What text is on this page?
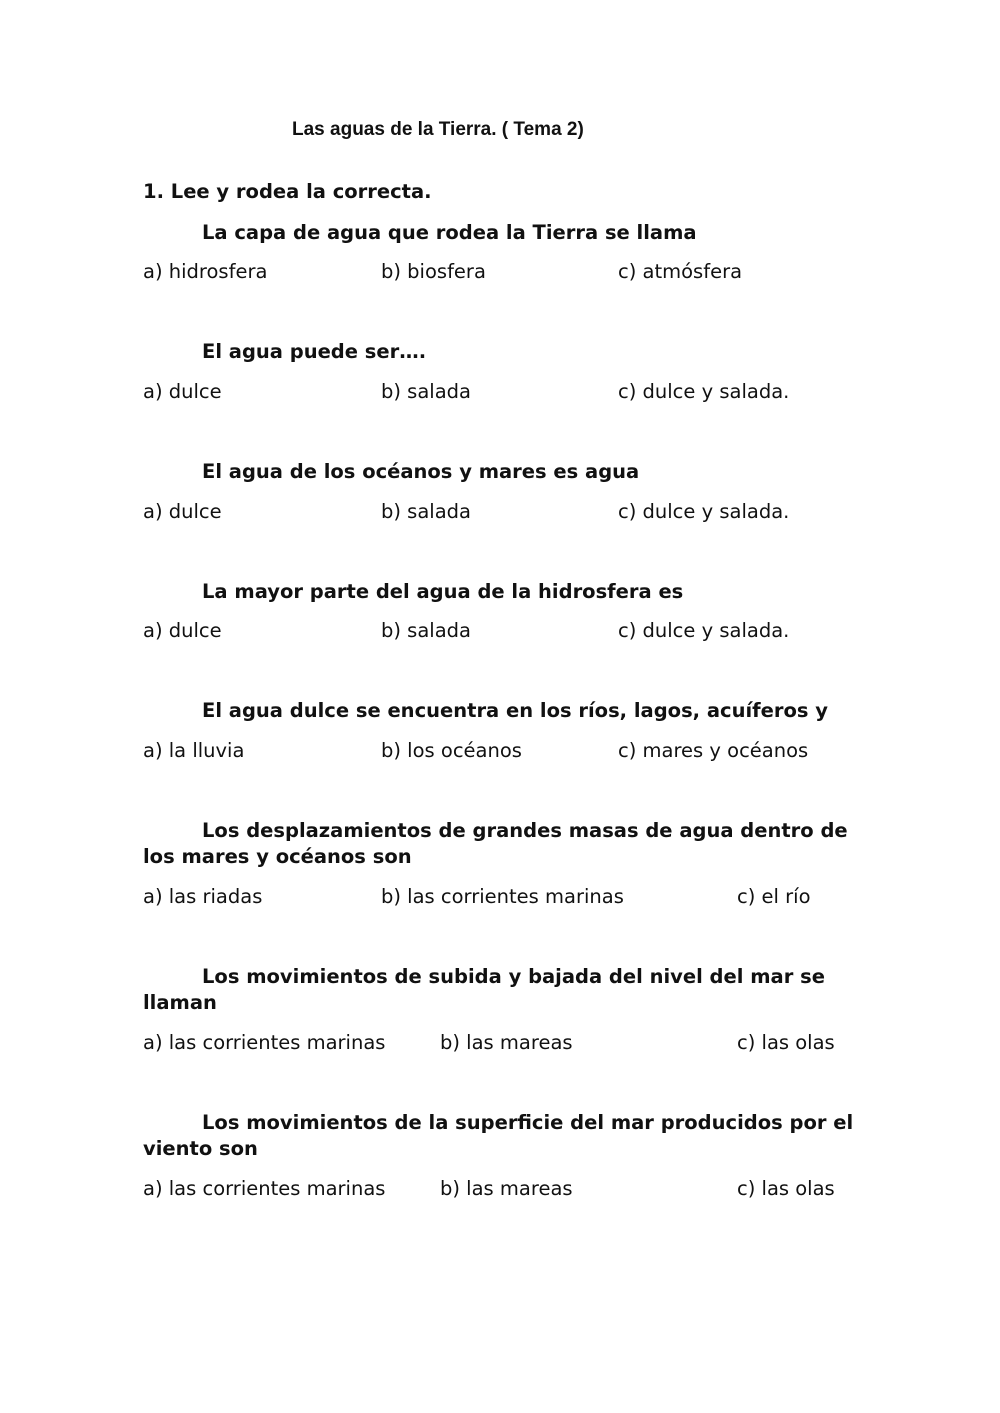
Las aguas de la Tierra. ( Tema 2)
1. Lee y rodea la correcta.
La capa de agua que rodea la Tierra se llama
a) hidrosfera	b) biosfera	c) atmósfera
El agua puede ser….
a) dulce	b) salada	c) dulce y salada.
El agua de los océanos y mares es agua
a) dulce	b) salada	c) dulce y salada.
La mayor parte del agua de la hidrosfera es
a) dulce	b) salada	c) dulce y salada.
El agua dulce se encuentra en los ríos, lagos, acuíferos y
a) la lluvia	b) los océanos	c) mares y océanos
Los desplazamientos de grandes masas de agua dentro de los mares y océanos son
a) las riadas	b) las corrientes marinas	c) el río
Los movimientos de subida y bajada del nivel del mar se llaman
a) las corrientes marinas	b) las mareas	c) las olas
Los movimientos de la superficie del mar producidos por el viento son
a) las corrientes marinas	b) las mareas	c) las olas
